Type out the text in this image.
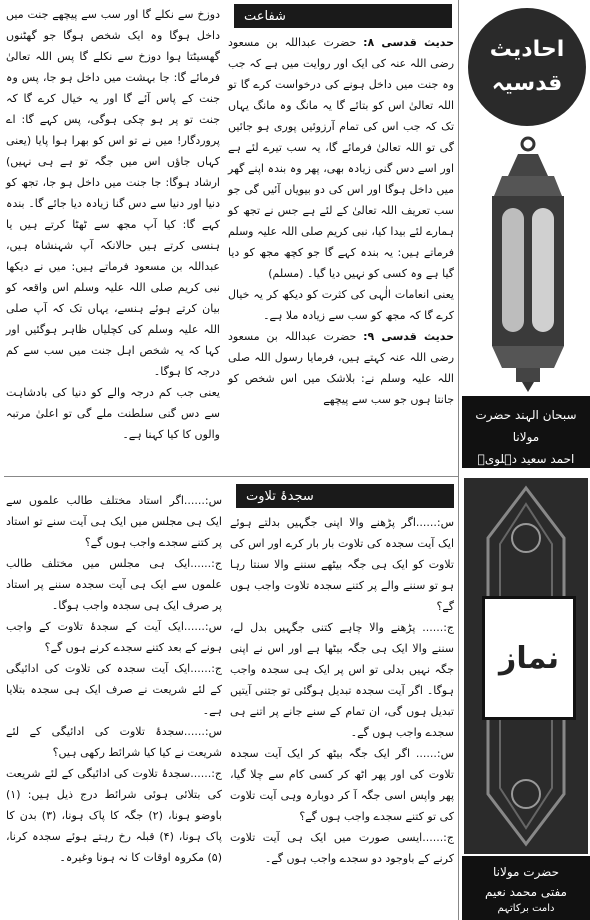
شفاعت

حدیث قدسی ۸: حضرت عبداللہ بن مسعود رضی اللہ عنہ کی ایک اور روایت میں ہے کہ جب وہ جنت میں داخل ہونے کی درخواست کرے گا تو اللہ تعالیٰ اس کو بتائے گا یہ مانگ وہ مانگ یہاں تک کہ جب اس کی تمام آرزوئیں پوری ہو جائیں گی تو اللہ تعالیٰ فرمائے گا، یہ سب تیرے لئے ہے اور اسے دس گنی زیادہ بھی، پھر وہ بندہ اپنے گھر میں داخل ہوگا اور اس کی دو بیویاں آئیں گی جو سب تعریف اللہ تعالیٰ کے لئے ہے جس نے تجھ کو ہمارے لئے بیدا کیا، نبی کریم صلی اللہ علیہ وسلم فرماتے ہیں: یہ بندہ کہے گا جو کچھ مجھ کو دیا گیا ہے وہ کسی کو نہیں دیا گیا۔ (مسلم)

یعنی انعامات الٰہی کی کثرت کو دیکھ کر یہ خیال کرے گا کہ مجھ کو سب سے زیادہ ملا ہے۔

حدیث قدسی ۹: حضرت عبداللہ بن مسعود رضی اللہ عنہ کہتے ہیں، فرمایا رسول اللہ صلی اللہ علیہ وسلم نے: بلاشک میں اس شخص کو جانتا ہوں جو سب سے پیچھے

دوزخ سے نکلے گا اور سب سے پیچھے جنت میں داخل ہوگا وہ ایک شخص ہوگا جو گھٹنوں گھسیٹتا ہوا دوزخ سے نکلے گا پس اللہ تعالیٰ فرمائے گا: جا بہشت میں داخل ہو جا، پس وہ جنت کے پاس آئے گا اور یہ خیال کرے گا کہ جنت تو پر ہو چکی ہوگی، پس کہے گا: اے پروردگار! میں نے تو اس کو بھرا ہوا پایا (یعنی کہاں جاؤں اس میں جگہ تو ہے ہی نہیں) ارشاد ہوگا: جا جنت میں داخل ہو جا، تجھ کو دنیا اور دنیا سے دس گنا زیادہ دیا جائے گا۔ بندہ کہے گا: کیا آپ مجھ سے ٹھٹا کرتے ہیں یا ہنسی کرتے ہیں حالانکہ آپ شہنشاہ ہیں، عبداللہ بن مسعود فرماتے ہیں: میں نے دیکھا نبی کریم صلی اللہ علیہ وسلم اس واقعہ کو بیان کرتے ہوئے ہنسے، یہاں تک کہ آپ صلی اللہ علیہ وسلم کی کچلیاں ظاہر ہوگئیں اور کہا کہ یہ شخص اہل جنت میں سب سے کم درجہ کا ہوگا۔

یعنی جب کم درجہ والے کو دنیا کی بادشاہت سے دس گنی سلطنت ملے گی تو اعلیٰ مرتبہ والوں کا کیا کہنا ہے۔

سجدۂ تلاوت

س:......اگر پڑھنے والا اپنی جگہیں بدلتے ہوئے ایک آیت سجدہ کی تلاوت بار بار کرے اور اس کی تلاوت کو ایک ہی جگہ بیٹھے سننے والا سنتا رہا ہو تو سننے والے پر کتنے سجدہ تلاوت واجب ہوں گے؟

ج:...... پڑھنے والا چاہے کتنی جگہیں بدل لے، سننے والا ایک ہی جگہ بیٹھا ہے اور اس نے اپنی جگہ نہیں بدلی تو اس پر ایک ہی سجدہ واجب ہوگا۔ اگر آیت سجدہ تبدیل ہوگئی تو جتنی آیتیں تبدیل ہوں گی، ان تمام کے سنے جانے پر اتنے ہی سجدے واجب ہوں گے۔

س:...... اگر ایک جگہ بیٹھ کر ایک آیت سجدہ تلاوت کی اور پھر اٹھ کر کسی کام سے چلا گیا، پھر واپس اسی جگہ آ کر دوبارہ وہی آیت تلاوت کی تو کتنے سجدے واجب ہوں گے؟

ج:......ایسی صورت میں ایک ہی آیت تلاوت کرنے کے باوجود دو سجدے واجب ہوں گے۔

س:......اگر استاد مختلف طالب علموں سے ایک ہی مجلس میں ایک ہی آیت سنے تو استاد پر کتنے سجدے واجب ہوں گے؟

ج:......ایک ہی مجلس میں مختلف طالب علموں سے ایک ہی آیت سجدہ سننے پر استاد پر صرف ایک ہی سجدہ واجب ہوگا۔

س:......ایک آیت کے سجدۂ تلاوت کے واجب ہونے کے بعد کتنے سجدے کرنے ہوں گے؟

ج:......ایک آیت سجدہ کی تلاوت کی ادائیگی کے لئے شریعت نے صرف ایک ہی سجدہ بتلایا ہے۔

س:......سجدۂ تلاوت کی ادائیگی کے لئے شریعت نے کیا کیا شرائط رکھی ہیں؟

ج:......سجدۂ تلاوت کی ادائیگی کے لئے شریعت کی بتلائی ہوئی شرائط درج ذیل ہیں: (۱) باوضو ہونا، (۲) جگہ کا پاک ہونا، (۳) بدن کا پاک ہونا، (۴) قبلہ رخ رہتے ہوئے سجدہ کرنا، (۵) مکروہ اوقات کا نہ ہونا وغیرہ۔

احادیث
قدسیہ
سبحان الہند حضرت مولانا
احمد سعید دہلویؒ
نماز
حضرت مولانا
مفتی محمد نعیم
دامت برکاتہم
